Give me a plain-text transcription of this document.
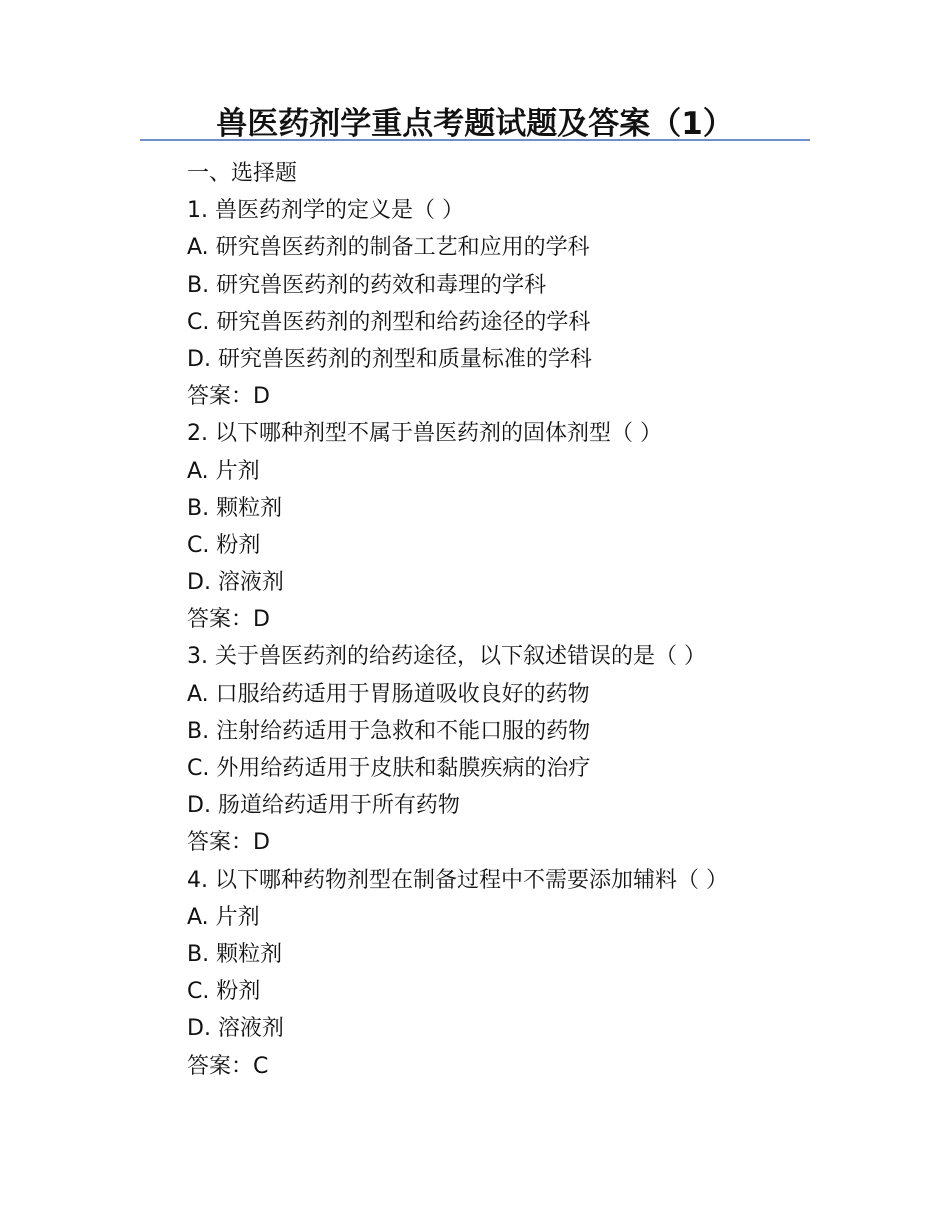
兽医药剂学重点考题试题及答案（1）
一、选择题
1. 兽医药剂学的定义是（ ）
A. 研究兽医药剂的制备工艺和应用的学科
B. 研究兽医药剂的药效和毒理的学科
C. 研究兽医药剂的剂型和给药途径的学科
D. 研究兽医药剂的剂型和质量标准的学科
答案：D
2. 以下哪种剂型不属于兽医药剂的固体剂型（ ）
A. 片剂
B. 颗粒剂
C. 粉剂
D. 溶液剂
答案：D
3. 关于兽医药剂的给药途径，以下叙述错误的是（ ）
A. 口服给药适用于胃肠道吸收良好的药物
B. 注射给药适用于急救和不能口服的药物
C. 外用给药适用于皮肤和黏膜疾病的治疗
D. 肠道给药适用于所有药物
答案：D
4. 以下哪种药物剂型在制备过程中不需要添加辅料（ ）
A. 片剂
B. 颗粒剂
C. 粉剂
D. 溶液剂
答案：C
